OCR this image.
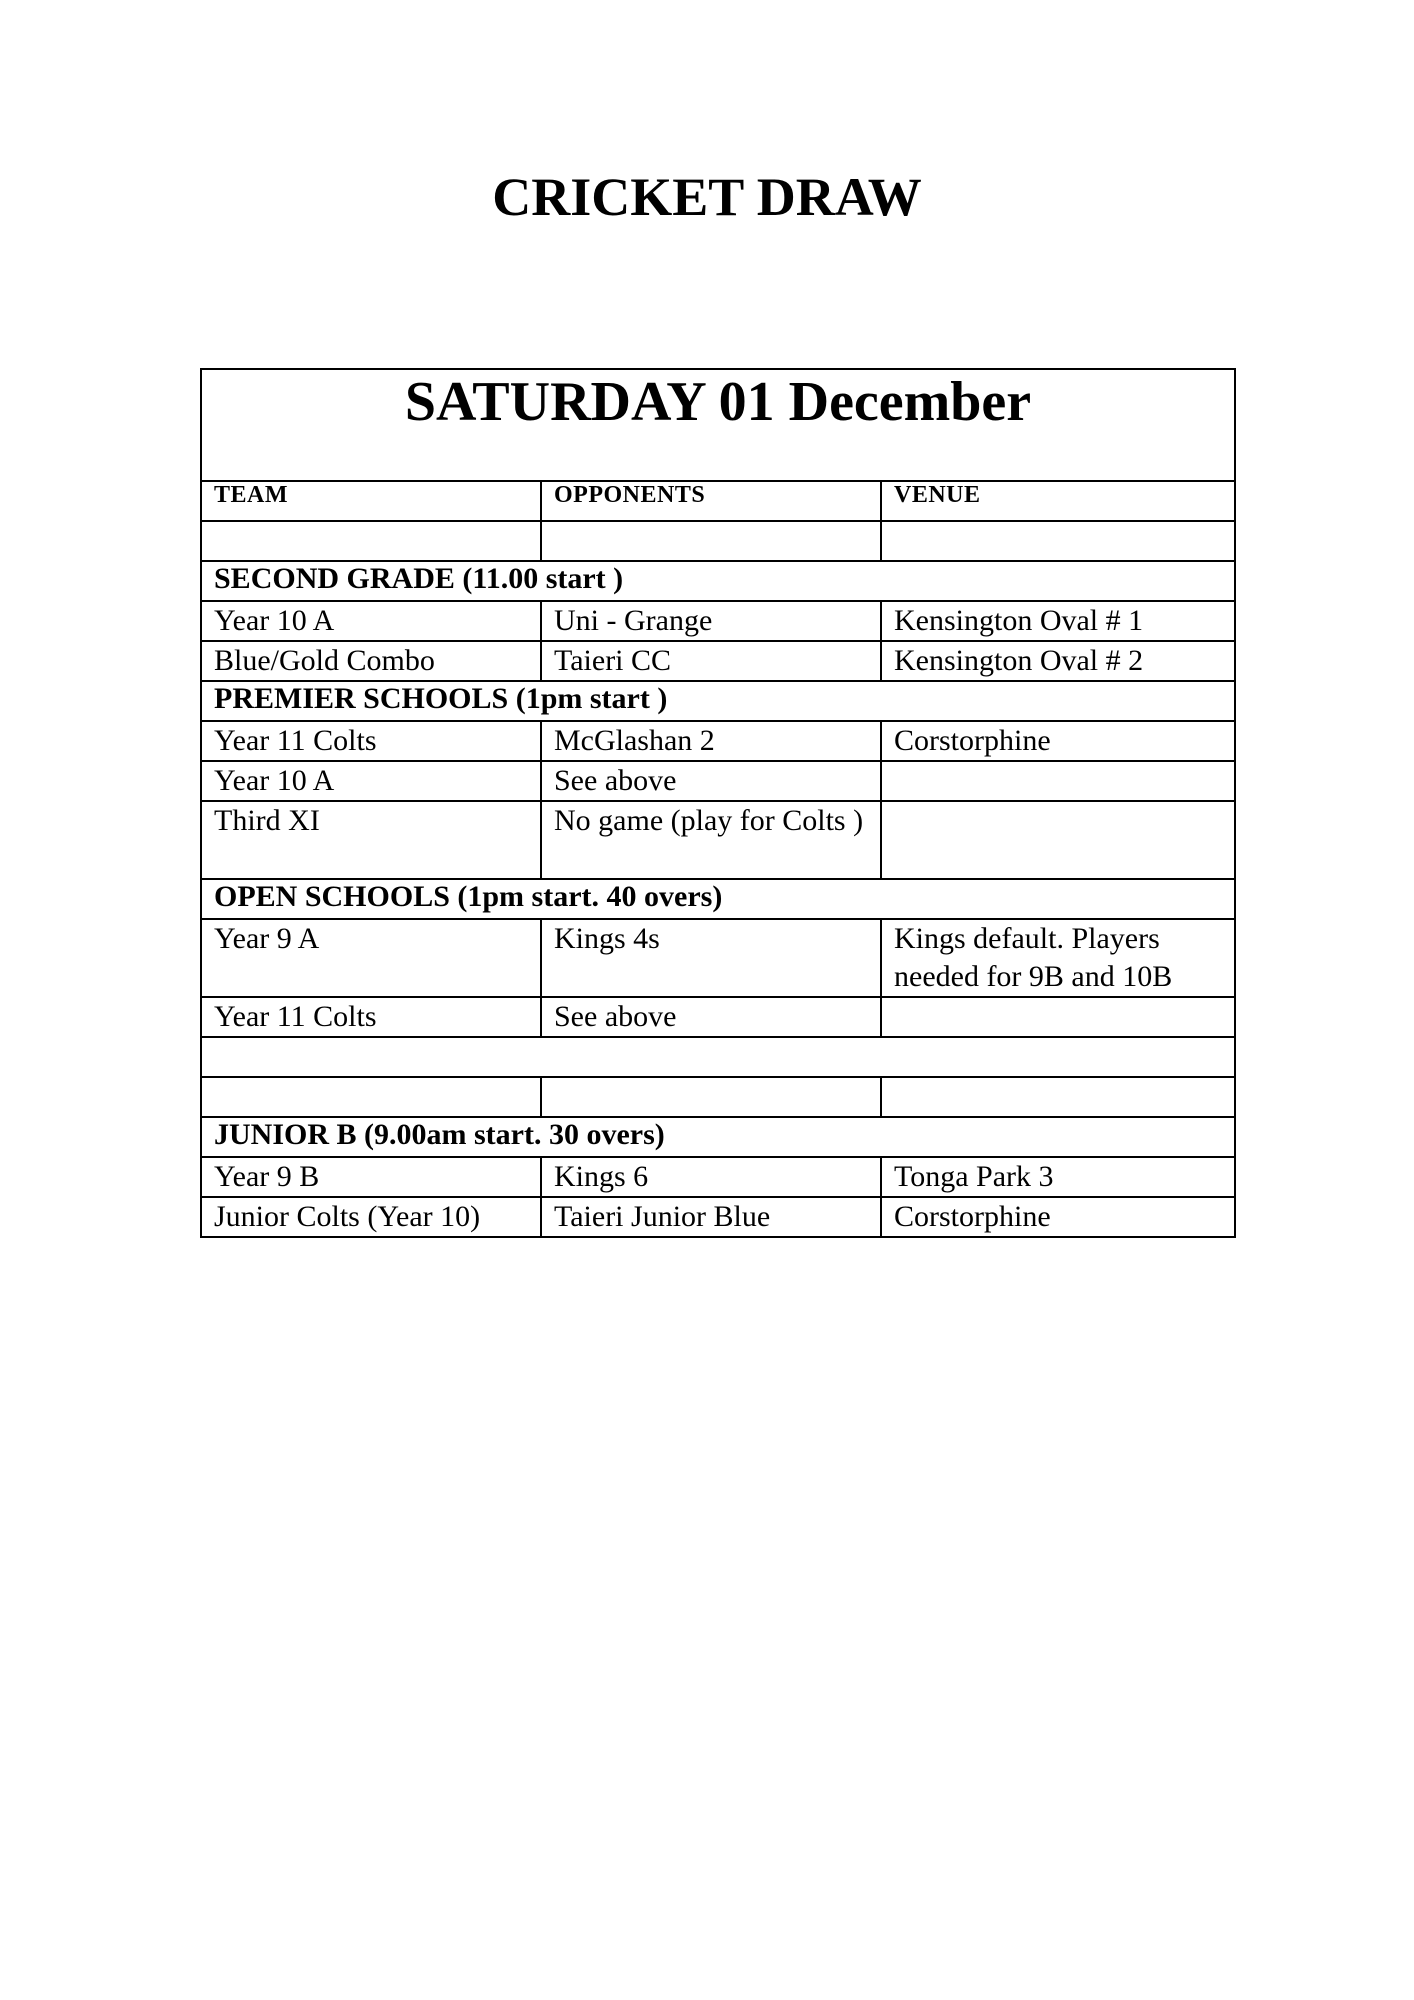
CRICKET DRAW
SATURDAY 01 December		
TEAM	OPPONENTS	VENUE

SECOND GRADE (11.00 start )		
Year 10 A	Uni - Grange	Kensington Oval # 1
Blue/Gold Combo	Taieri CC	Kensington Oval # 2
PREMIER SCHOOLS (1pm start )		
Year 11 Colts	McGlashan 2	Corstorphine
Year 10 A	See above	
Third XI	No game (play for Colts )	
OPEN SCHOOLS (1pm start. 40 overs)		
Year 9 A	Kings 4s	Kings default. Players needed for 9B and 10B
Year 11 Colts	See above	

JUNIOR B (9.00am start. 30 overs)		
Year 9 B	Kings 6	Tonga Park 3
Junior Colts (Year 10)	Taieri Junior Blue	Corstorphine
